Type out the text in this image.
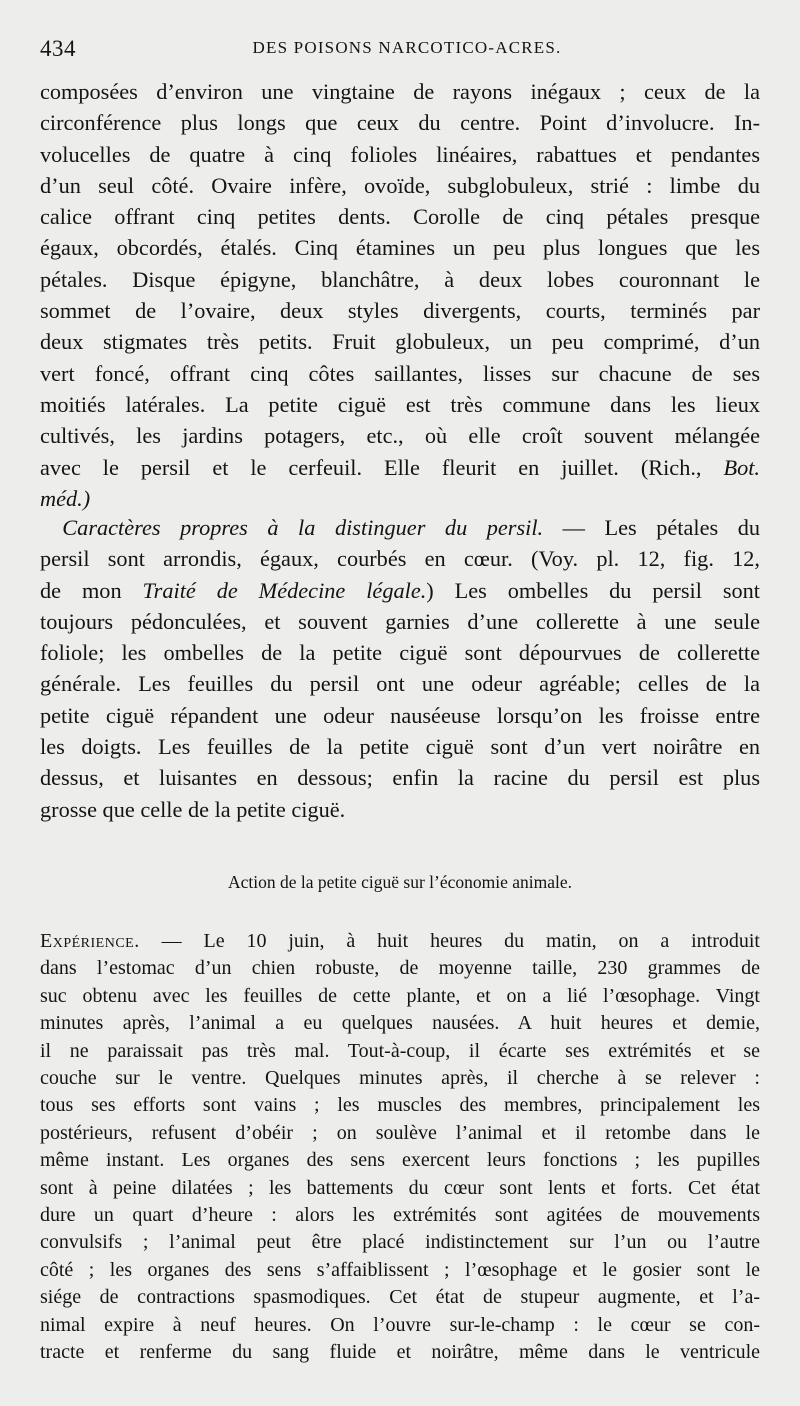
434	DES POISONS NARCOTICO-ACRES.
composées d’environ une vingtaine de rayons inégaux ; ceux de la
circonférence plus longs que ceux du centre. Point d’involucre. In-
volucelles de quatre à cinq folioles linéaires, rabattues et pendantes
d’un seul côté. Ovaire infère, ovoïde, subglobuleux, strié : limbe du
calice offrant cinq petites dents. Corolle de cinq pétales presque
égaux, obcordés, étalés. Cinq étamines un peu plus longues que les
pétales. Disque épigyne, blanchâtre, à deux lobes couronnant le
sommet de l’ovaire, deux styles divergents, courts, terminés par
deux stigmates très petits. Fruit globuleux, un peu comprimé, d’un
vert foncé, offrant cinq côtes saillantes, lisses sur chacune de ses
moitiés latérales. La petite ciguë est très commune dans les lieux
cultivés, les jardins potagers, etc., où elle croît souvent mélangée
avec le persil et le cerfeuil. Elle fleurit en juillet. (Rich., Bot.
méd.)
 Caractères propres à la distinguer du persil. — Les pétales du
persil sont arrondis, égaux, courbés en cœur. (Voy. pl. 12, fig. 12,
de mon Traité de Médecine légale.) Les ombelles du persil sont
toujours pédonculées, et souvent garnies d’une collerette à une seule
foliole; les ombelles de la petite ciguë sont dépourvues de collerette
générale. Les feuilles du persil ont une odeur agréable; celles de la
petite ciguë répandent une odeur nauséeuse lorsqu’on les froisse entre
les doigts. Les feuilles de la petite ciguë sont d’un vert noirâtre en
dessus, et luisantes en dessous; enfin la racine du persil est plus
grosse que celle de la petite ciguë.
Action de la petite ciguë sur l’économie animale.
Expérience. — Le 10 juin, à huit heures du matin, on a introduit
dans l’estomac d’un chien robuste, de moyenne taille, 230 grammes de
suc obtenu avec les feuilles de cette plante, et on a lié l’œsophage. Vingt
minutes après, l’animal a eu quelques nausées. A huit heures et demie,
il ne paraissait pas très mal. Tout-à-coup, il écarte ses extrémités et se
couche sur le ventre. Quelques minutes après, il cherche à se relever :
tous ses efforts sont vains ; les muscles des membres, principalement les
postérieurs, refusent d’obéir ; on soulève l’animal et il retombe dans le
même instant. Les organes des sens exercent leurs fonctions ; les pupilles
sont à peine dilatées ; les battements du cœur sont lents et forts. Cet état
dure un quart d’heure : alors les extrémités sont agitées de mouvements
convulsifs ; l’animal peut être placé indistinctement sur l’un ou l’autre
côté ; les organes des sens s’affaiblissent ; l’œsophage et le gosier sont le
siége de contractions spasmodiques. Cet état de stupeur augmente, et l’a-
nimal expire à neuf heures. On l’ouvre sur-le-champ : le cœur se con-
tracte et renferme du sang fluide et noirâtre, même dans le ventricule
